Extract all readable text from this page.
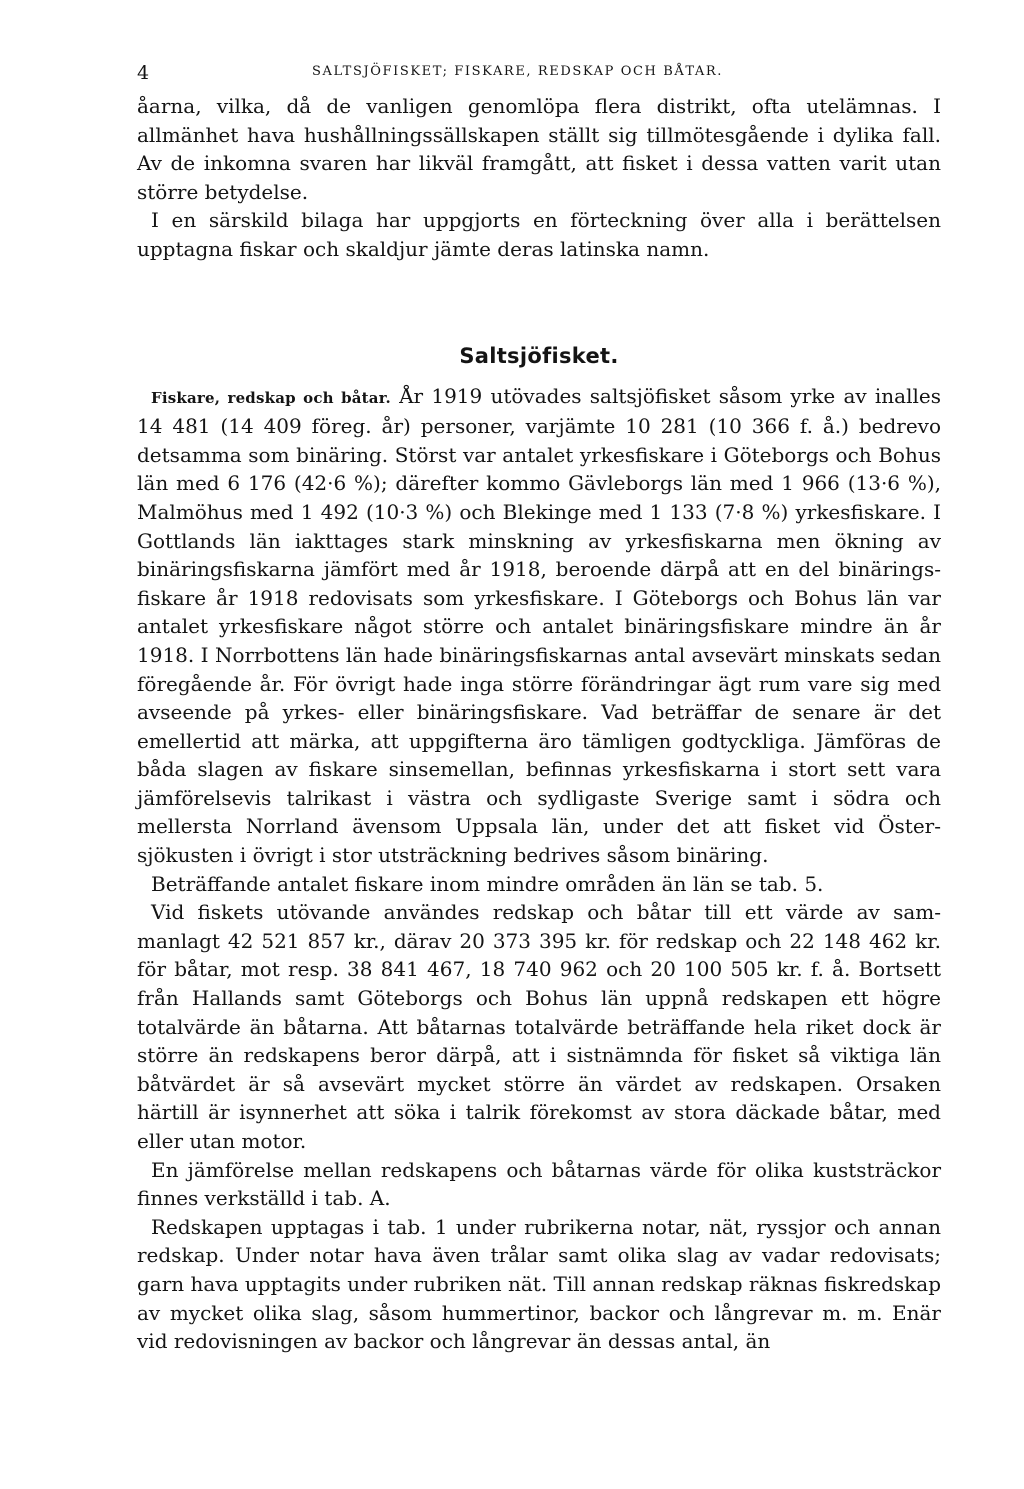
4	SALTSJÖFISKET; FISKARE, REDSKAP OCH BÅTAR.

åarna, vilka, då de vanligen genomlöpa flera distrikt, ofta utelämnas. I allmänhet hava hushållningssällskapen ställt sig tillmötesgående i dylika fall. Av de inkomna svaren har likväl framgått, att fisket i dessa vatten varit utan större betydelse.

I en särskild bilaga har uppgjorts en förteckning över alla i berättelsen upptagna fiskar och skaldjur jämte deras latinska namn.

Saltsjöfisket.

Fiskare, redskap och båtar. År 1919 utövades saltsjöfisket såsom yrke av inalles 14 481 (14 409 föreg. år) personer, varjämte 10 281 (10 366 f. å.) bedrevo detsamma som binäring. Störst var antalet yrkesfiskare i Göteborgs och Bohus län med 6 176 (42·6 %); därefter kommo Gävleborgs län med 1 966 (13·6 %), Malmöhus med 1 492 (10·3 %) och Blekinge med 1 133 (7·8 %) yrkesfiskare. I Gottlands län iakttages stark minskning av yrkesfiskarna men ökning av binäringsfiskarna jämfört med år 1918, beroende därpå att en del binäringsfiskare år 1918 redovisats som yrkesfiskare. I Göteborgs och Bohus län var antalet yrkesfiskare något större och antalet binäringsfiskare mindre än år 1918. I Norrbottens län hade binäringsfiskarnas antal avsevärt minskats sedan föregående år. För övrigt hade inga större förändringar ägt rum vare sig med avseende på yrkes- eller binäringsfiskare. Vad beträffar de senare är det emellertid att märka, att uppgifterna äro tämligen godtyckliga. Jämföras de båda slagen av fiskare sinsemellan, befinnas yrkesfiskarna i stort sett vara jämförelsevis talrikast i västra och sydligaste Sverige samt i södra och mellersta Norrland ävensom Uppsala län, under det att fisket vid Östersjökusten i övrigt i stor utsträckning bedrives såsom binäring.

Beträffande antalet fiskare inom mindre områden än län se tab. 5.

Vid fiskets utövande användes redskap och båtar till ett värde av sammanlagt 42 521 857 kr., därav 20 373 395 kr. för redskap och 22 148 462 kr. för båtar, mot resp. 38 841 467, 18 740 962 och 20 100 505 kr. f. å. Bortsett från Hallands samt Göteborgs och Bohus län uppnå redskapen ett högre totalvärde än båtarna. Att båtarnas totalvärde beträffande hela riket dock är större än redskapens beror därpå, att i sistnämnda för fisket så viktiga län båtvärdet är så avsevärt mycket större än värdet av redskapen. Orsaken härtill är isynnerhet att söka i talrik förekomst av stora däckade båtar, med eller utan motor.

En jämförelse mellan redskapens och båtarnas värde för olika kuststräckor finnes verkställd i tab. A.

Redskapen upptagas i tab. 1 under rubrikerna notar, nät, ryssjor och annan redskap. Under notar hava även trålar samt olika slag av vadar redovisats; garn hava upptagits under rubriken nät. Till annan redskap räknas fiskredskap av mycket olika slag, såsom hummertinor, backor och långrevar m. m. Enär vid redovisningen av backor och långrevar än dessas antal, än
